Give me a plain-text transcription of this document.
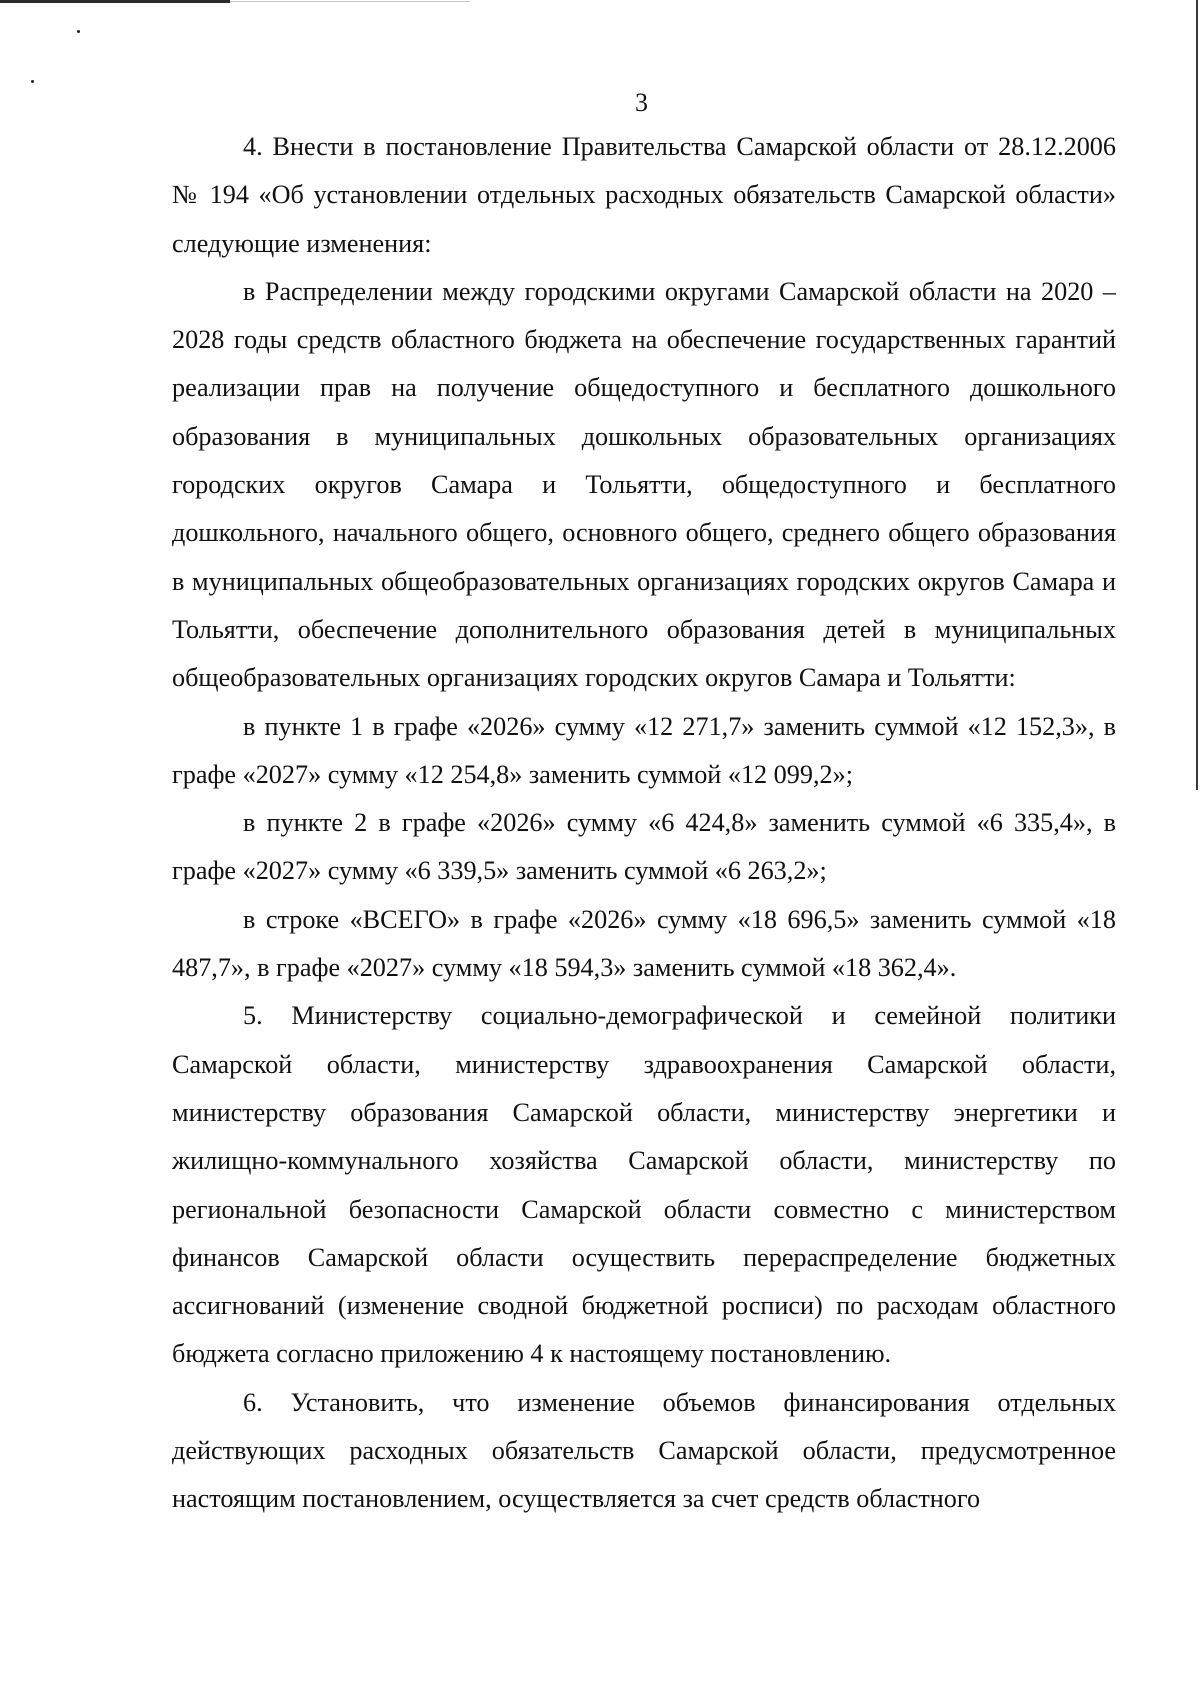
3

4. Внести в постановление Правительства Самарской области от 28.12.2006 № 194 «Об установлении отдельных расходных обязательств Самарской области» следующие изменения:

в Распределении между городскими округами Самарской области на 2020 – 2028 годы средств областного бюджета на обеспечение государственных гарантий реализации прав на получение общедоступного и бесплатного дошкольного образования в муниципальных дошкольных образовательных организациях городских округов Самара и Тольятти, общедоступного и бесплатного дошкольного, начального общего, основного общего, среднего общего образования в муниципальных общеобразовательных организациях городских округов Самара и Тольятти, обеспечение дополнительного образования детей в муниципальных общеобразовательных организациях городских округов Самара и Тольятти:

в пункте 1 в графе «2026» сумму «12 271,7» заменить суммой «12 152,3», в графе «2027» сумму «12 254,8» заменить суммой «12 099,2»;

в пункте 2 в графе «2026» сумму «6 424,8» заменить суммой «6 335,4», в графе «2027» сумму «6 339,5» заменить суммой «6 263,2»;

в строке «ВСЕГО» в графе «2026» сумму «18 696,5» заменить суммой «18 487,7», в графе «2027» сумму «18 594,3» заменить суммой «18 362,4».

5. Министерству социально-демографической и семейной политики Самарской области, министерству здравоохранения Самарской области, министерству образования Самарской области, министерству энергетики и жилищно-коммунального хозяйства Самарской области, министерству по региональной безопасности Самарской области совместно с министерством финансов Самарской области осуществить перераспределение бюджетных ассигнований (изменение сводной бюджетной росписи) по расходам областного бюджета согласно приложению 4 к настоящему постановлению.

6. Установить, что изменение объемов финансирования отдельных действующих расходных обязательств Самарской области, предусмотренное настоящим постановлением, осуществляется за счет средств областного
